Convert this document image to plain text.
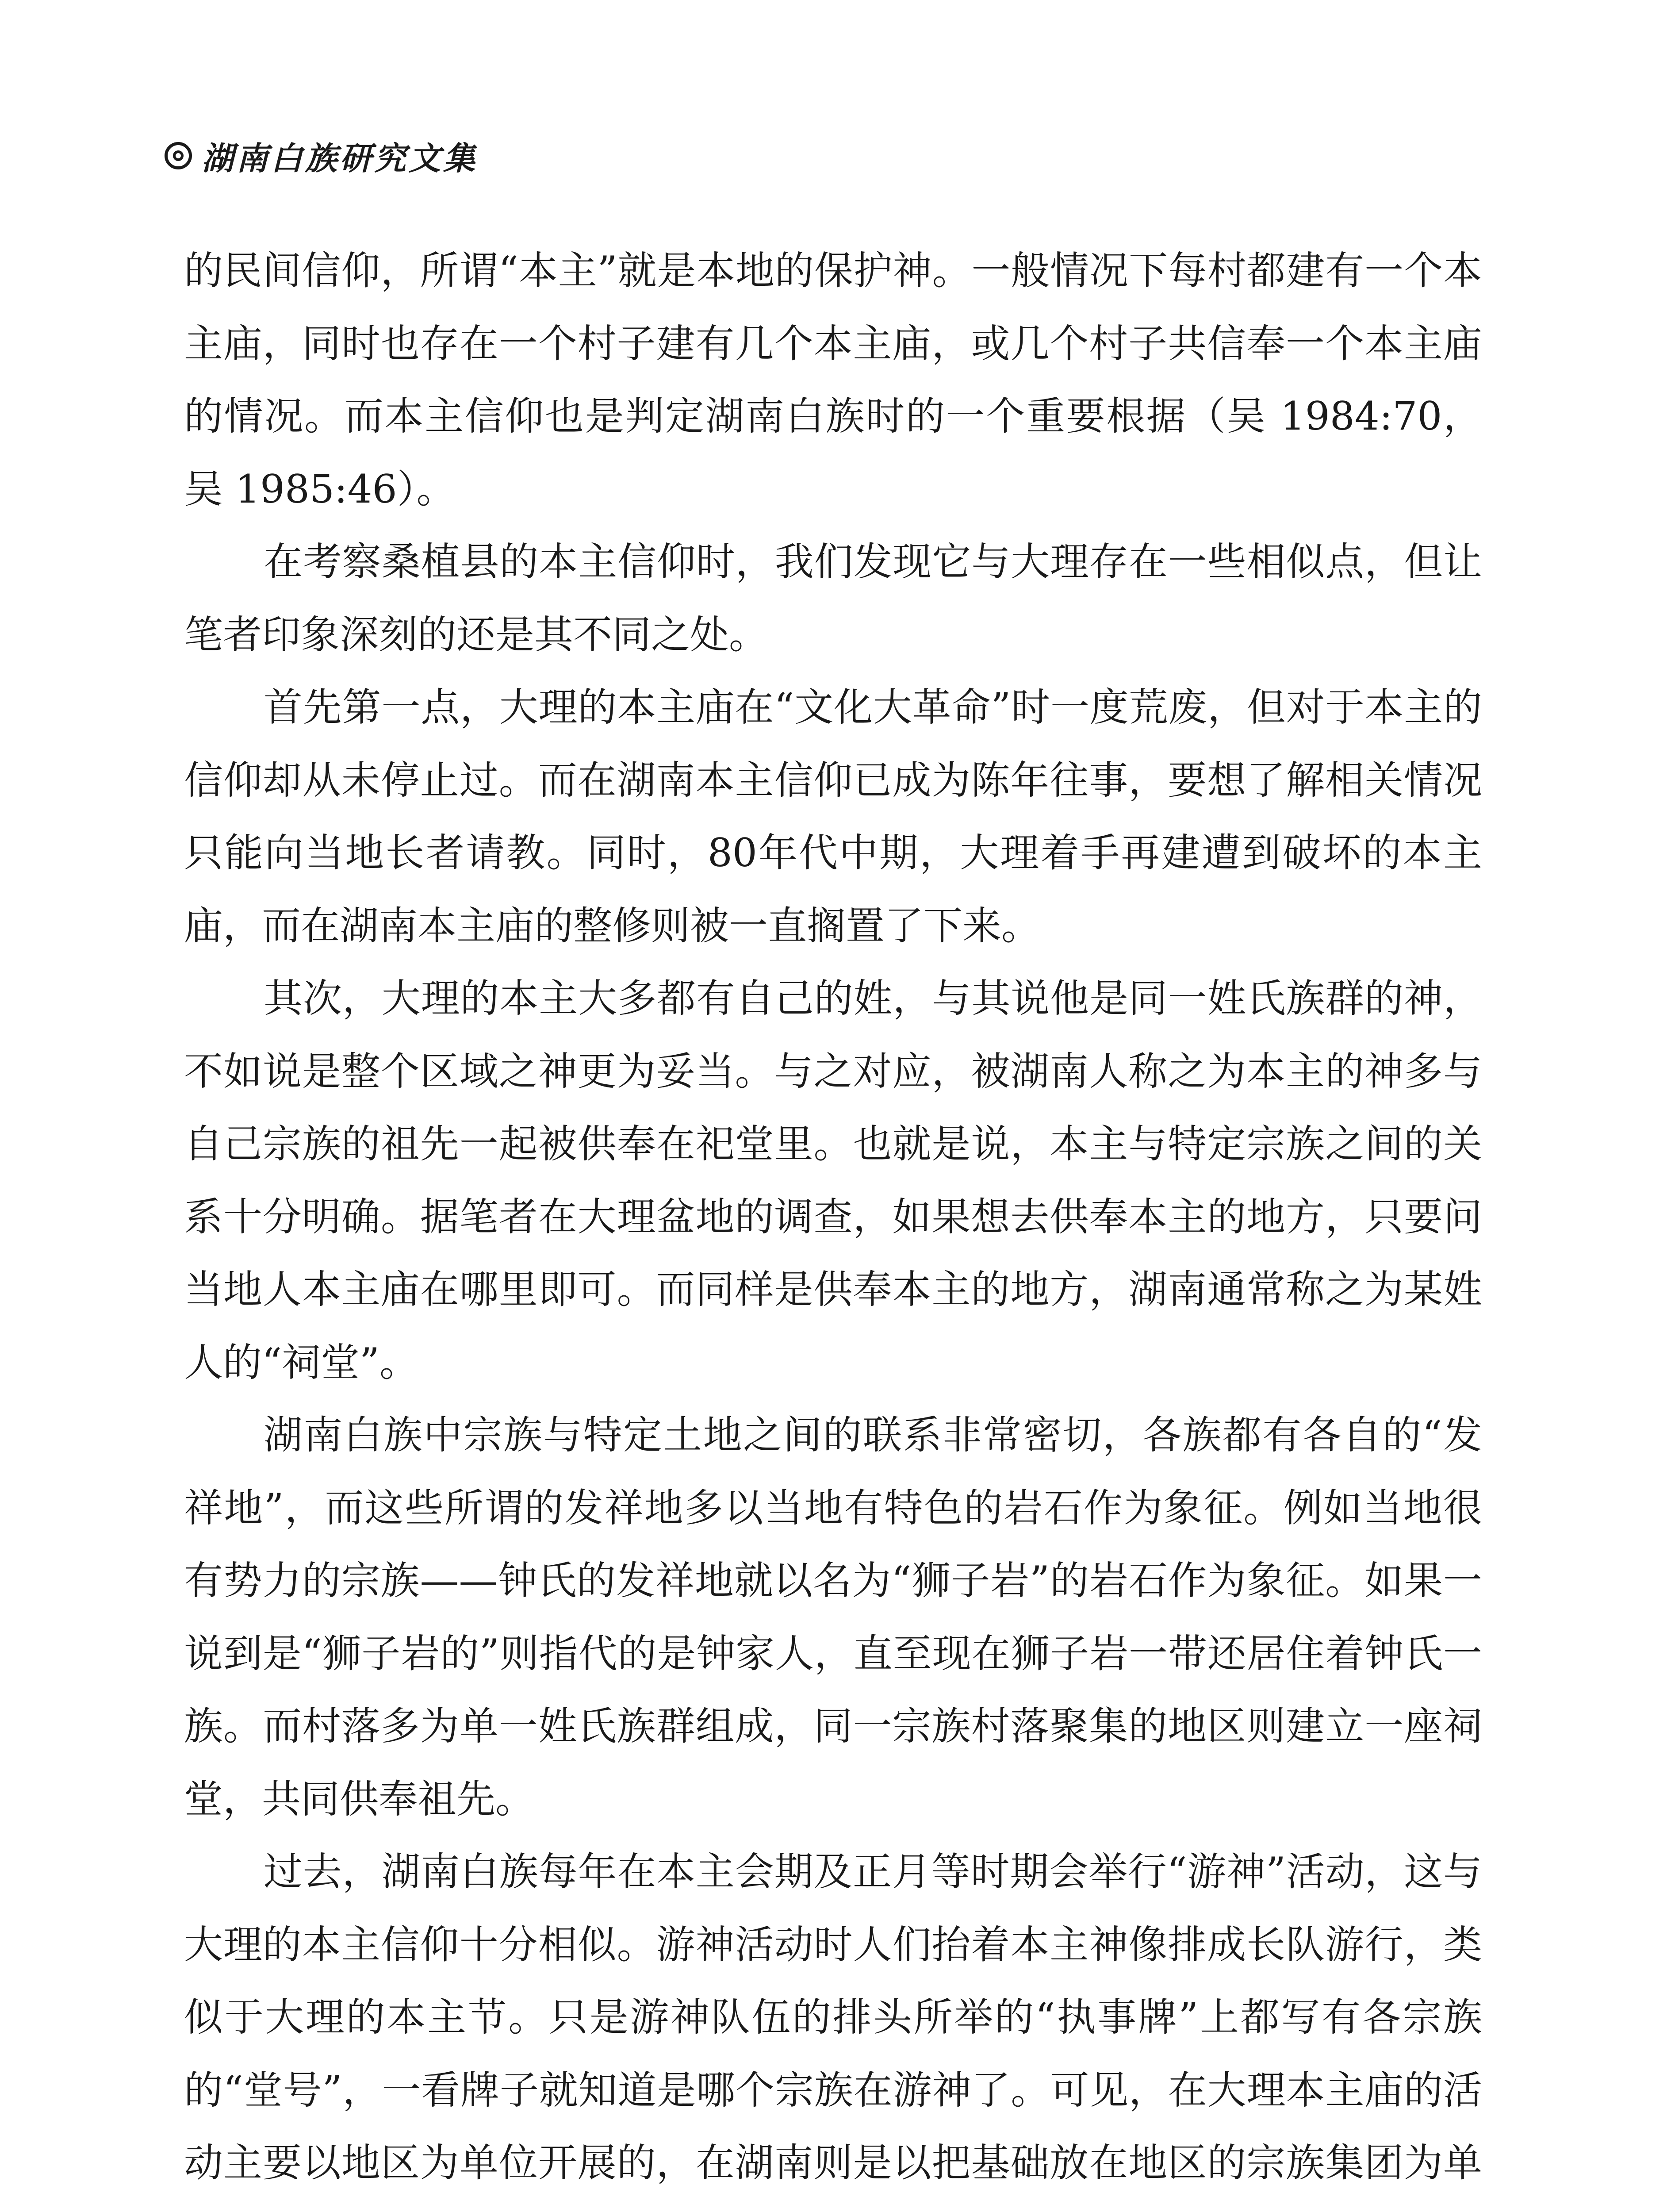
湖南白族研究文集

的民间信仰，所谓“本主”就是本地的保护神。一般情况下每村都建有一个本主庙，同时也存在一个村子建有几个本主庙，或几个村子共信奉一个本主庙的情况。而本主信仰也是判定湖南白族时的一个重要根据（吴 1984:70，吴 1985:46）。

在考察桑植县的本主信仰时，我们发现它与大理存在一些相似点，但让笔者印象深刻的还是其不同之处。

首先第一点，大理的本主庙在“文化大革命”时一度荒废，但对于本主的信仰却从未停止过。而在湖南本主信仰已成为陈年往事，要想了解相关情况只能向当地长者请教。同时，80年代中期，大理着手再建遭到破坏的本主庙，而在湖南本主庙的整修则被一直搁置了下来。

其次，大理的本主大多都有自己的姓，与其说他是同一姓氏族群的神，不如说是整个区域之神更为妥当。与之对应，被湖南人称之为本主的神多与自己宗族的祖先一起被供奉在祀堂里。也就是说，本主与特定宗族之间的关系十分明确。据笔者在大理盆地的调查，如果想去供奉本主的地方，只要问当地人本主庙在哪里即可。而同样是供奉本主的地方，湖南通常称之为某姓人的“祠堂”。

湖南白族中宗族与特定土地之间的联系非常密切，各族都有各自的“发祥地”，而这些所谓的发祥地多以当地有特色的岩石作为象征。例如当地很有势力的宗族——钟氏的发祥地就以名为“狮子岩”的岩石作为象征。如果一说到是“狮子岩的”则指代的是钟家人，直至现在狮子岩一带还居住着钟氏一族。而村落多为单一姓氏族群组成，同一宗族村落聚集的地区则建立一座祠堂，共同供奉祖先。

过去，湖南白族每年在本主会期及正月等时期会举行“游神”活动，这与大理的本主信仰十分相似。游神活动时人们抬着本主神像排成长队游行，类似于大理的本主节。只是游神队伍的排头所举的“执事牌”上都写有各宗族的“堂号”，一看牌子就知道是哪个宗族在游神了。可见，在大理本主庙的活动主要以地区为单位开展的，在湖南则是以把基础放在地区的宗族集团为单
